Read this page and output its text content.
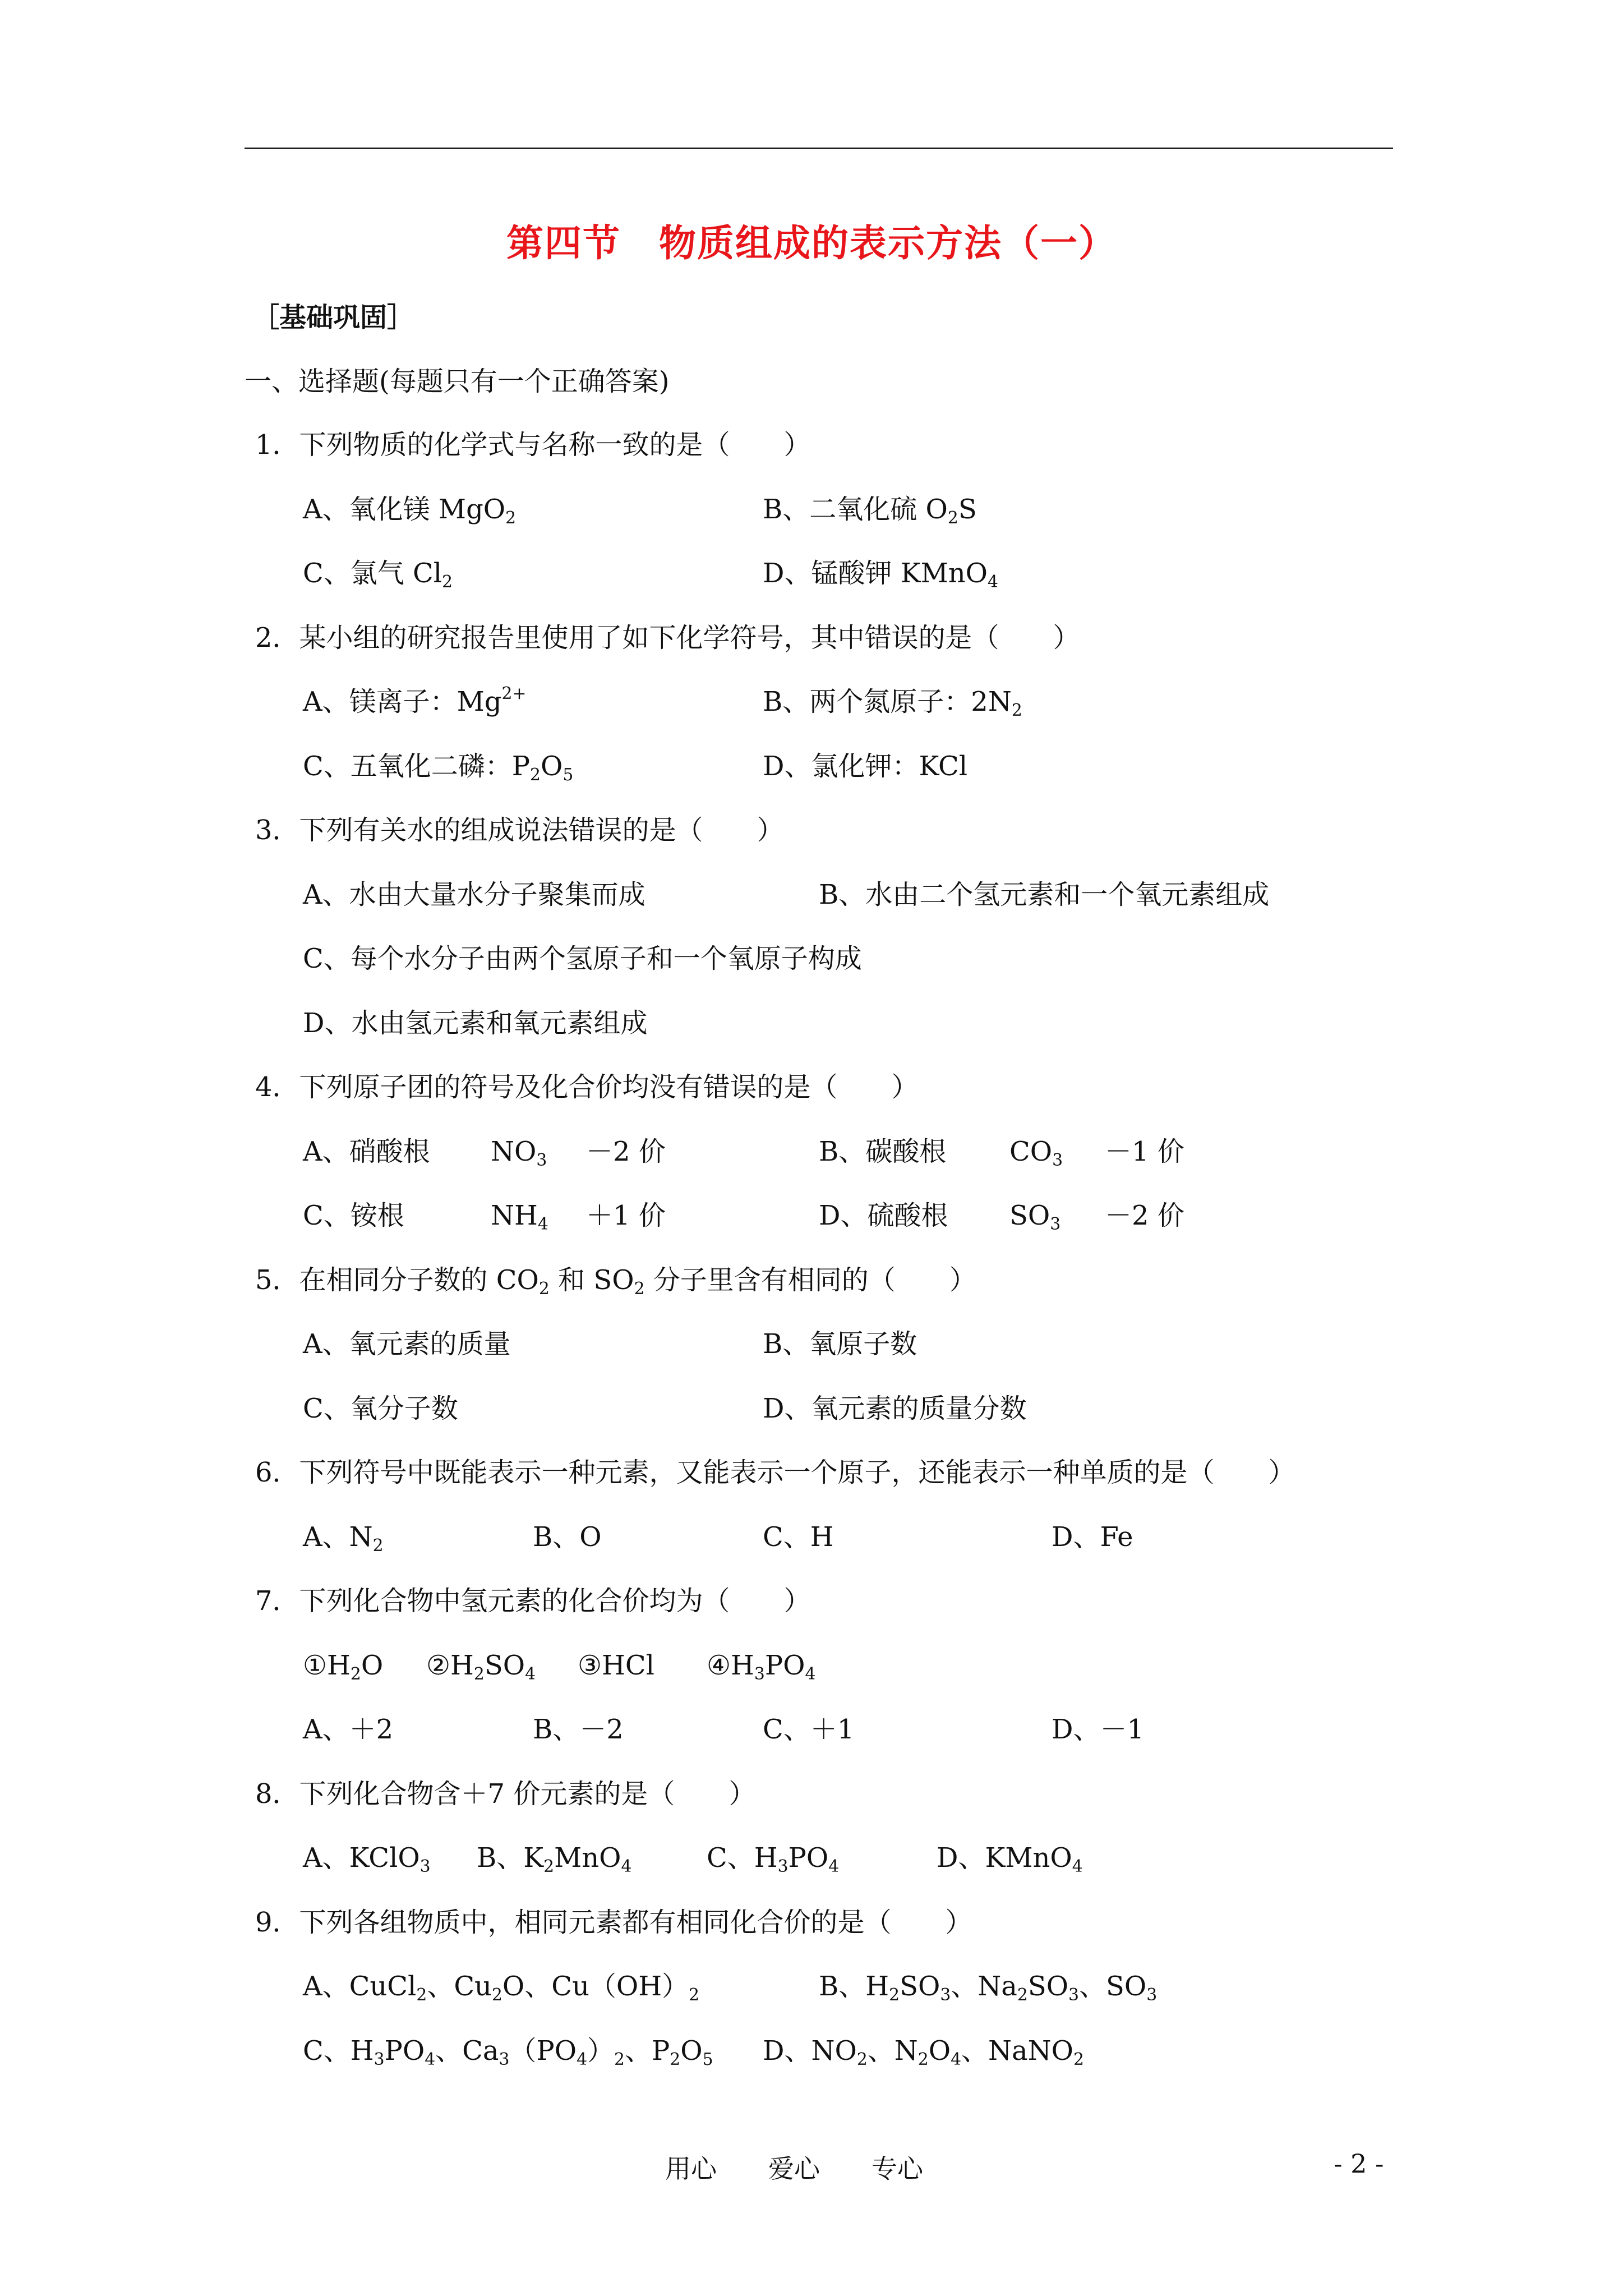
第四节　物质组成的表示方法（一）
［基础巩固］
一、选择题(每题只有一个正确答案)
1．下列物质的化学式与名称一致的是（　　）
A、氧化镁 MgO$_2$	B、二氧化硫 $O_2S$
C、氯气 $Cl_2$	D、锰酸钾 KMnO$_4$
2．某小组的研究报告里使用了如下化学符号，其中错误的是（　　）
A、镁离子：$Mg^{2+}$	B、两个氮原子：$2N_2$
C、五氧化二磷：$P_2O_5$	D、氯化钾：KCl
3．下列有关水的组成说法错误的是（　　）
A、水由大量水分子聚集而成	B、水由二个氢元素和一个氧元素组成
C、每个水分子由两个氢原子和一个氧原子构成
D、水由氢元素和氧元素组成
4．下列原子团的符号及化合价均没有错误的是（　　）
A、硝酸根 $NO_3 -2$ 价	B、碳酸根 $CO_3 -1$ 价
C、铵根	$NH_4 +1$ 价	D、硫酸根 $SO_3 -2$ 价
5．在相同分子数的 $CO_2$ 和 $SO_2$ 分子里含有相同的（　　）
A、氧元素的质量	B、氧原子数
C、氧分子数	D、氧元素的质量分数
6．下列符号中既能表示一种元素，又能表示一个原子，还能表示一种单质的是（　　）
A、$N_2$	B、O	C、H	D、Fe
7．下列化合物中氢元素的化合价均为（　　）
$①H_2O$ $②H_2SO_4$ ③HCl $④H_3PO_4$
A、＋2	B、－2	C、＋1	D、－1
8．下列化合物含＋7 价元素的是（　　）
A、KClO$_3$ B、$K_2MnO_4$	C、$H_3PO_4$	D、KMnO$_4$
9．下列各组物质中，相同元素都有相同化合价的是（　　）
A、CuCl$_2$、$Cu_2O$、$Cu(OH)_2$	B、$H_2SO_3$、$Na_2SO_3$、$SO_3$
C、$H_3PO_4$、$Ca_3(PO_4)_2$、$P_2O_5$ D、$NO_2$、$N_2O_4$、NaNO$_2$
用心　　爱心　　专心	- 2 -
